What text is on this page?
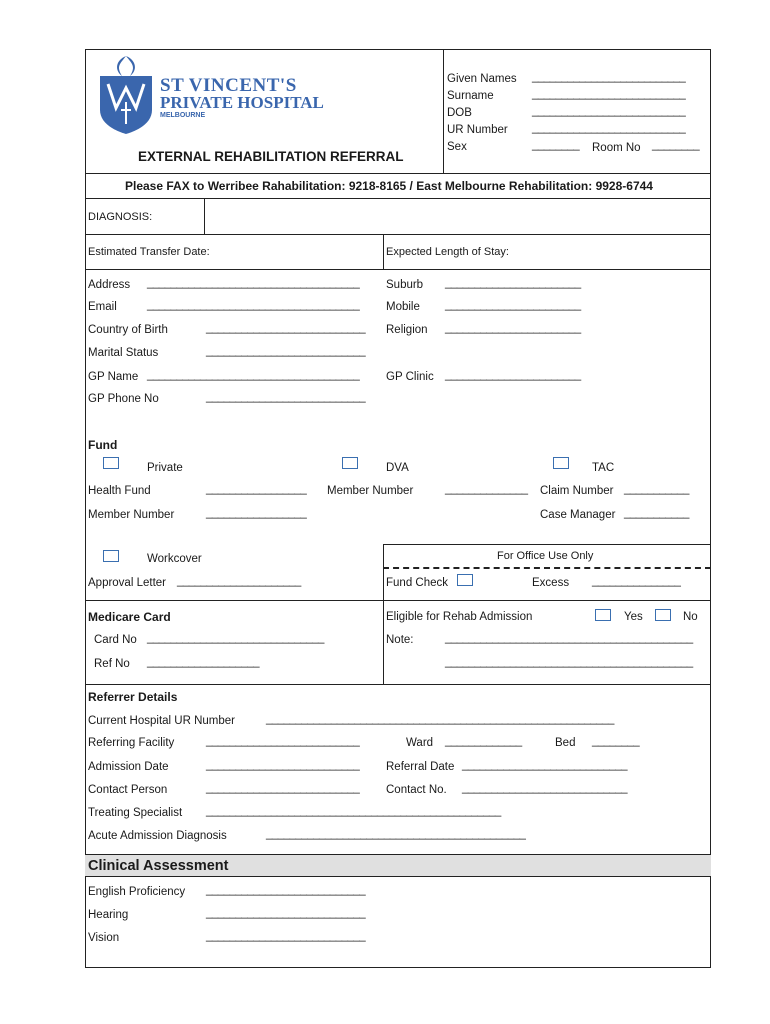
ST VINCENT'S
PRIVATE HOSPITAL
MELBOURNE
EXTERNAL REHABILITATION REFERRAL
Given Names __________________________
Surname	__________________________
DOB	__________________________
UR Number __________________________
Sex	________ Room No ________
Please FAX to Werribee Rahabilitation: 9218-8165 / East Melbourne Rehabilitation: 9928-6744
DIAGNOSIS:
Estimated Transfer Date:	Expected Length of Stay:
Address ____________________________________ Suburb _______________________
Email	____________________________________ Mobile _______________________
Country of Birth	___________________________ Religion _______________________
Marital Status	___________________________
GP Name ____________________________________ GP Clinic _______________________
GP Phone No	___________________________
Fund
Private	DVA	TAC
Health Fund	_________________ Member Number	______________ Claim Number ___________
Member Number	_________________	Case Manager ___________
For Office Use Only
Workcover
Approval Letter _____________________	Fund Check	Excess _______________
Medicare Card
Card No ______________________________
Ref No ___________________
Eligible for Rehab Admission	Yes	No
Note:	__________________________________________
__________________________________________
Referrer Details
Current Hospital UR Number	___________________________________________________________
Referring Facility	__________________________	Ward _____________	Bed ________
Admission Date	__________________________ Referral Date ____________________________
Contact Person	__________________________ Contact No. ____________________________
Treating Specialist __________________________________________________
Acute Admission Diagnosis	____________________________________________
Clinical Assessment
English Proficiency ___________________________
Hearing	___________________________
Vision	___________________________
